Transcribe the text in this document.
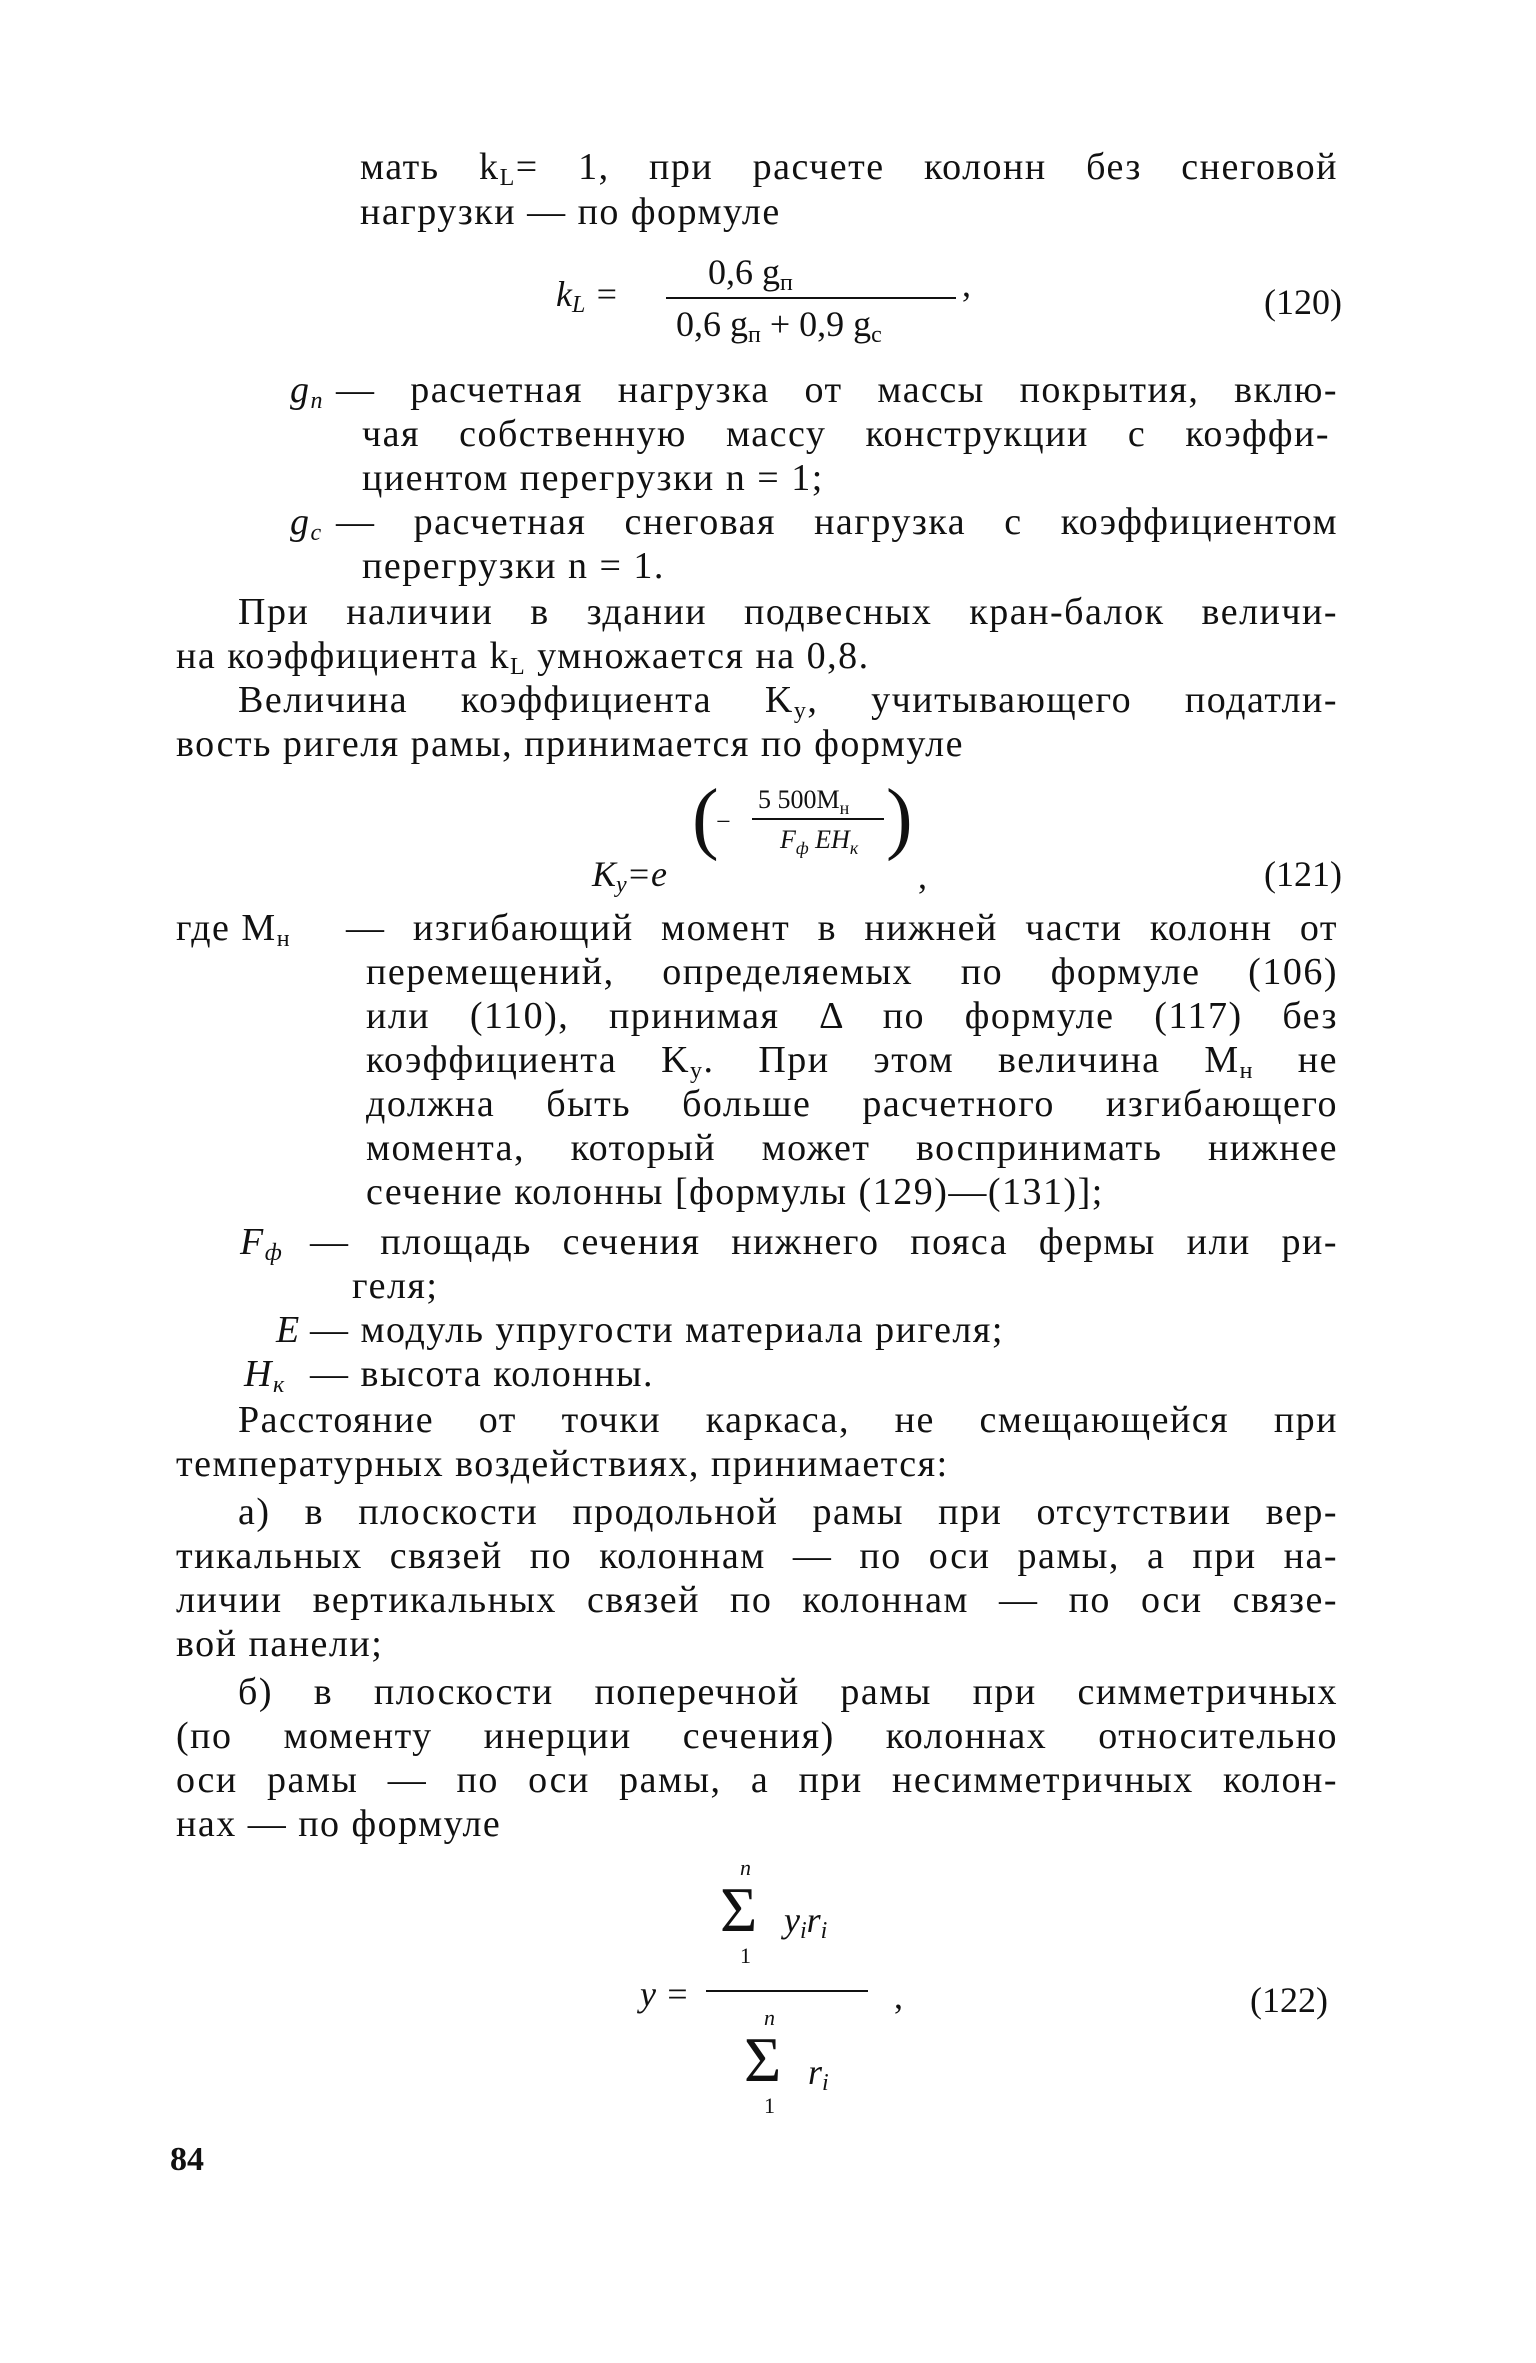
мать $k_L= 1$, при расчете колонн без снеговой
нагрузки — по формуле
$k_L$ =
0,6 $g_п$
0,6 $g_п + 0,9$ $g_с$
,	(120)
$g_п$ — расчетная нагрузка от массы покрытия, вклю-
чая собственную массу конструкции с коэффи-
циентом перегрузки n = 1;
$g_с$ — расчетная снеговая нагрузка с коэффициентом
перегрузки n = 1.
При наличии в здании подвесных кран-балок величи-
на коэффициента $k_L$ умножается на 0,8.
Величина коэффициента $K_у$, учитывающего податли-
вость ригеля рамы, принимается по формуле
$K_у=e$
(
−
5 $500M_н$
$F_ф$ $EH_к$ )
,	(121)
где $M_н$ — изгибающий момент в нижней части колонн от
перемещений, определяемых по формуле (106)
или (110), принимая Δ по формуле (117) без
коэффициента $K_у$. При этом величина $M_н$ не
должна быть больше расчетного изгибающего
момента, который может воспринимать нижнее
сечение колонны [формулы (129)—(131)];
$F_ф$ — площадь сечения нижнего пояса фермы или ри-
геля;
E — модуль упругости материала ригеля;
$H_к$ — высота колонны.
Расстояние от точки каркаса, не смещающейся при
температурных воздействиях, принимается:
а) в плоскости продольной рамы при отсутствии вер-
тикальных связей по колоннам — по оси рамы, а при на-
личии вертикальных связей по колоннам — по оси связе-
вой панели;
б) в плоскости поперечной рамы при симметричных
(по моменту инерции сечения) колоннах относительно
оси рамы — по оси рамы, а при несимметричных колон-
нах — по формуле
y =
n
Σ
1
$y_ir_i$
n
Σ
1
$r_i$
,	(122)
84
